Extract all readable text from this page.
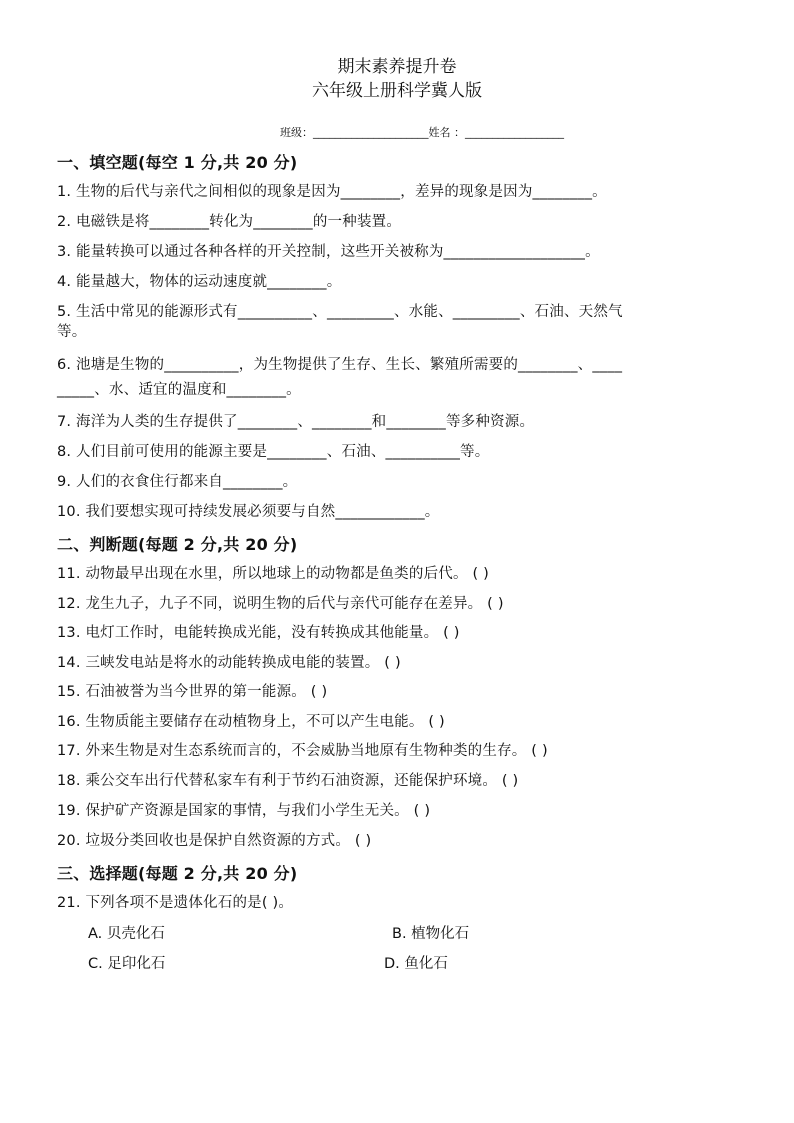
期末素养提升卷
六年级上册科学冀人版
班级：_____________________姓名 ：__________________
一、填空题(每空 1 分,共 20 分)
1. 生物的后代与亲代之间相似的现象是因为________，差异的现象是因为________。
2. 电磁铁是将________转化为________的一种装置。
3. 能量转换可以通过各种各样的开关控制，这些开关被称为___________________。
4. 能量越大，物体的运动速度就________。
5. 生活中常见的能源形式有__________、_________、水能、_________、石油、天然气
等。
6. 池塘是生物的__________，为生物提供了生存、生长、繁殖所需要的________、____
_____、水、适宜的温度和________。
7. 海洋为人类的生存提供了________、________和________等多种资源。
8. 人们目前可使用的能源主要是________、石油、__________等。
9. 人们的衣食住行都来自________。
10. 我们要想实现可持续发展必须要与自然____________。
二、判断题(每题 2 分,共 20 分)
11. 动物最早出现在水里，所以地球上的动物都是鱼类的后代。 ( )
12. 龙生九子，九子不同，说明生物的后代与亲代可能存在差异。 ( )
13. 电灯工作时，电能转换成光能，没有转换成其他能量。 ( )
14. 三峡发电站是将水的动能转换成电能的装置。 ( )
15. 石油被誉为当今世界的第一能源。 ( )
16. 生物质能主要储存在动植物身上，不可以产生电能。 ( )
17. 外来生物是对生态系统而言的，不会威胁当地原有生物种类的生存。 ( )
18. 乘公交车出行代替私家车有利于节约石油资源，还能保护环境。 ( )
19. 保护矿产资源是国家的事情，与我们小学生无关。 ( )
20. 垃圾分类回收也是保护自然资源的方式。 ( )
三、选择题(每题 2 分,共 20 分)
21. 下列各项不是遗体化石的是( )。
A. 贝壳化石	B. 植物化石
C. 足印化石	D. 鱼化石
